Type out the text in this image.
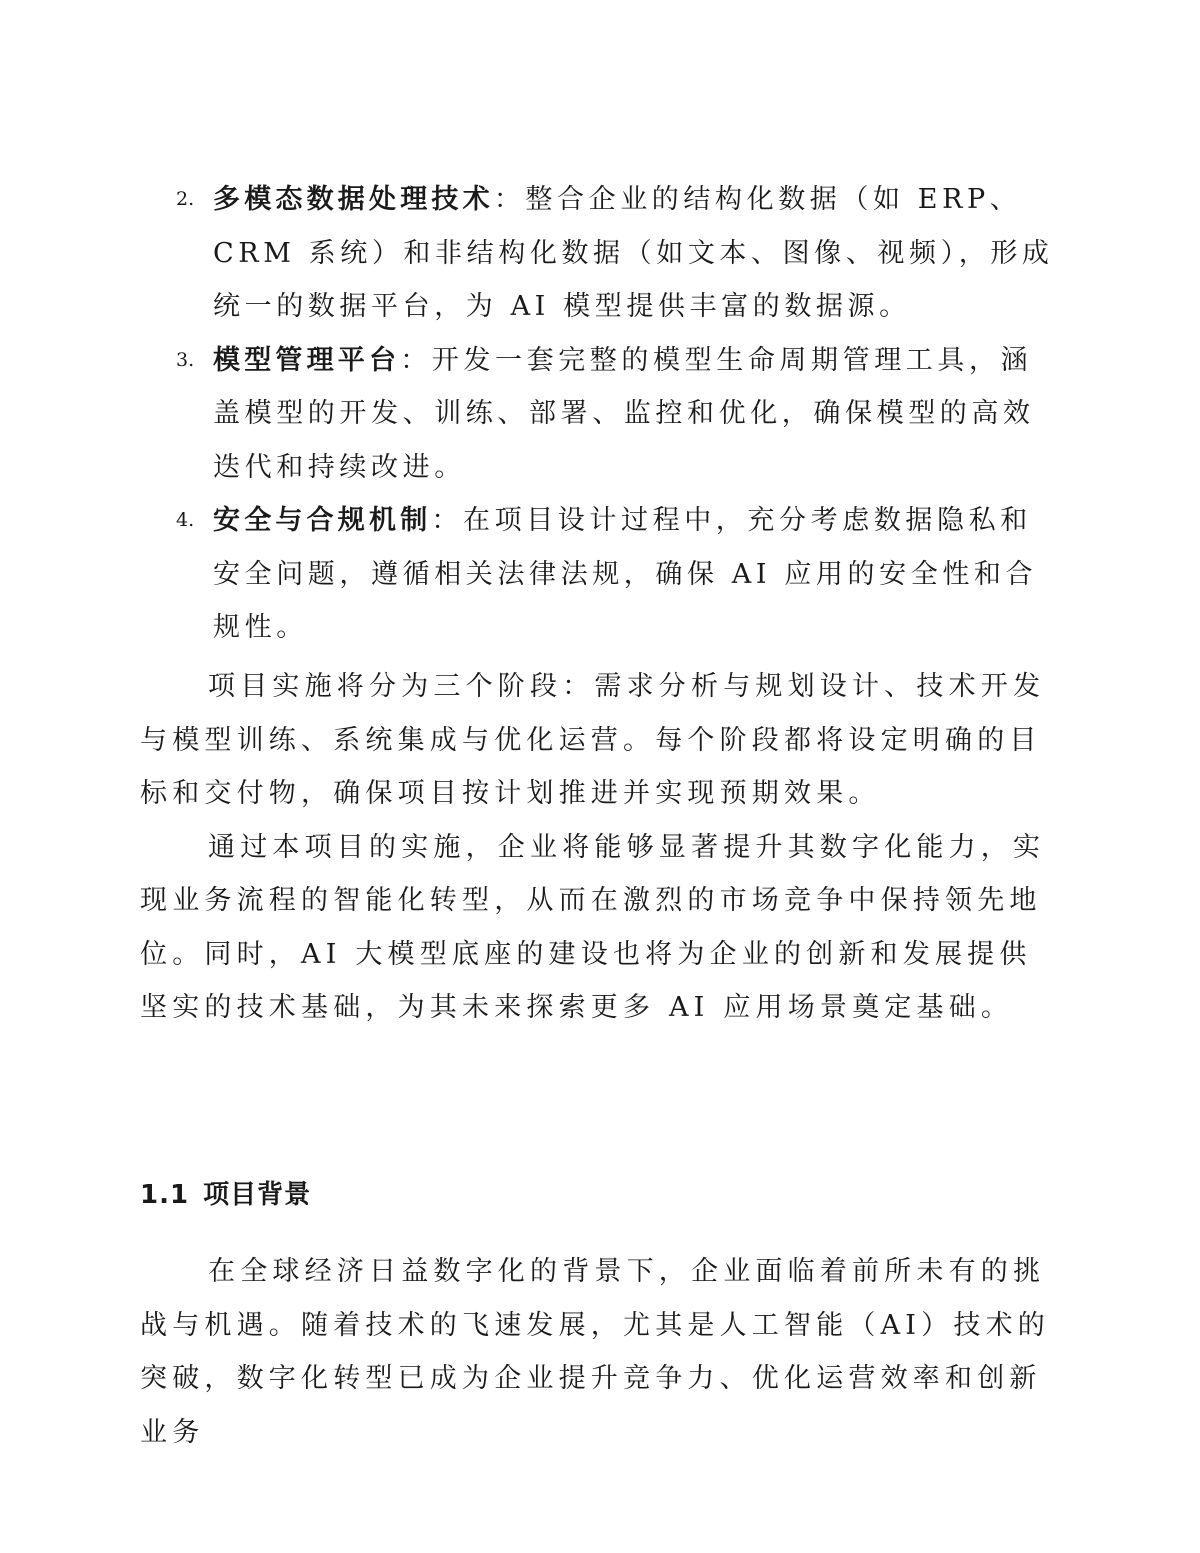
2. 多模态数据处理技术：整合企业的结构化数据（如 ERP、CRM 系统）和非结构化数据（如文本、图像、视频），形成统一的数据平台，为 AI 模型提供丰富的数据源。
3. 模型管理平台：开发一套完整的模型生命周期管理工具，涵盖模型的开发、训练、部署、监控和优化，确保模型的高效迭代和持续改进。
4. 安全与合规机制：在项目设计过程中，充分考虑数据隐私和安全问题，遵循相关法律法规，确保 AI 应用的安全性和合规性。

项目实施将分为三个阶段：需求分析与规划设计、技术开发与模型训练、系统集成与优化运营。每个阶段都将设定明确的目标和交付物，确保项目按计划推进并实现预期效果。

通过本项目的实施，企业将能够显著提升其数字化能力，实现业务流程的智能化转型，从而在激烈的市场竞争中保持领先地位。同时，AI 大模型底座的建设也将为企业的创新和发展提供坚实的技术基础，为其未来探索更多 AI 应用场景奠定基础。

1.1 项目背景

在全球经济日益数字化的背景下，企业面临着前所未有的挑战与机遇。随着技术的飞速发展，尤其是人工智能（AI）技术的突破，数字化转型已成为企业提升竞争力、优化运营效率和创新业务
